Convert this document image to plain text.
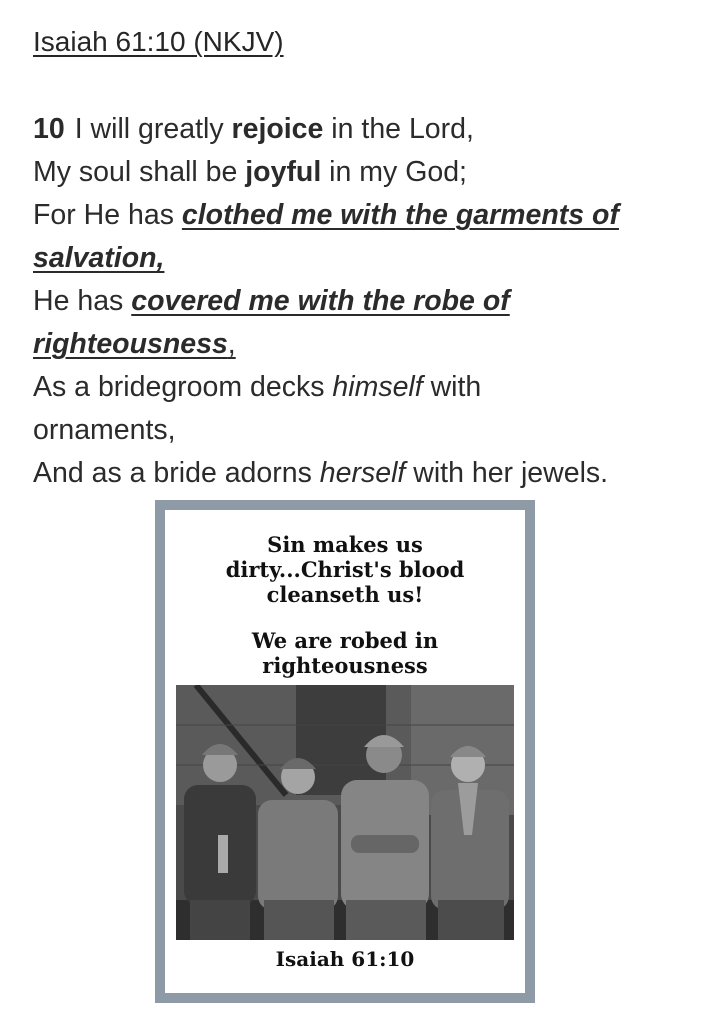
Isaiah 61:10 (NKJV)
10 I will greatly rejoice in the Lord,
My soul shall be joyful in my God;
For He has clothed me with the garments of
salvation,
He has covered me with the robe of
righteousness,
As a bridegroom decks himself with
ornaments,
And as a bride adorns herself with her jewels.
Sin makes us dirty...Christ's blood cleanseth us!
We are robed in righteousness
Isaiah 61:10
